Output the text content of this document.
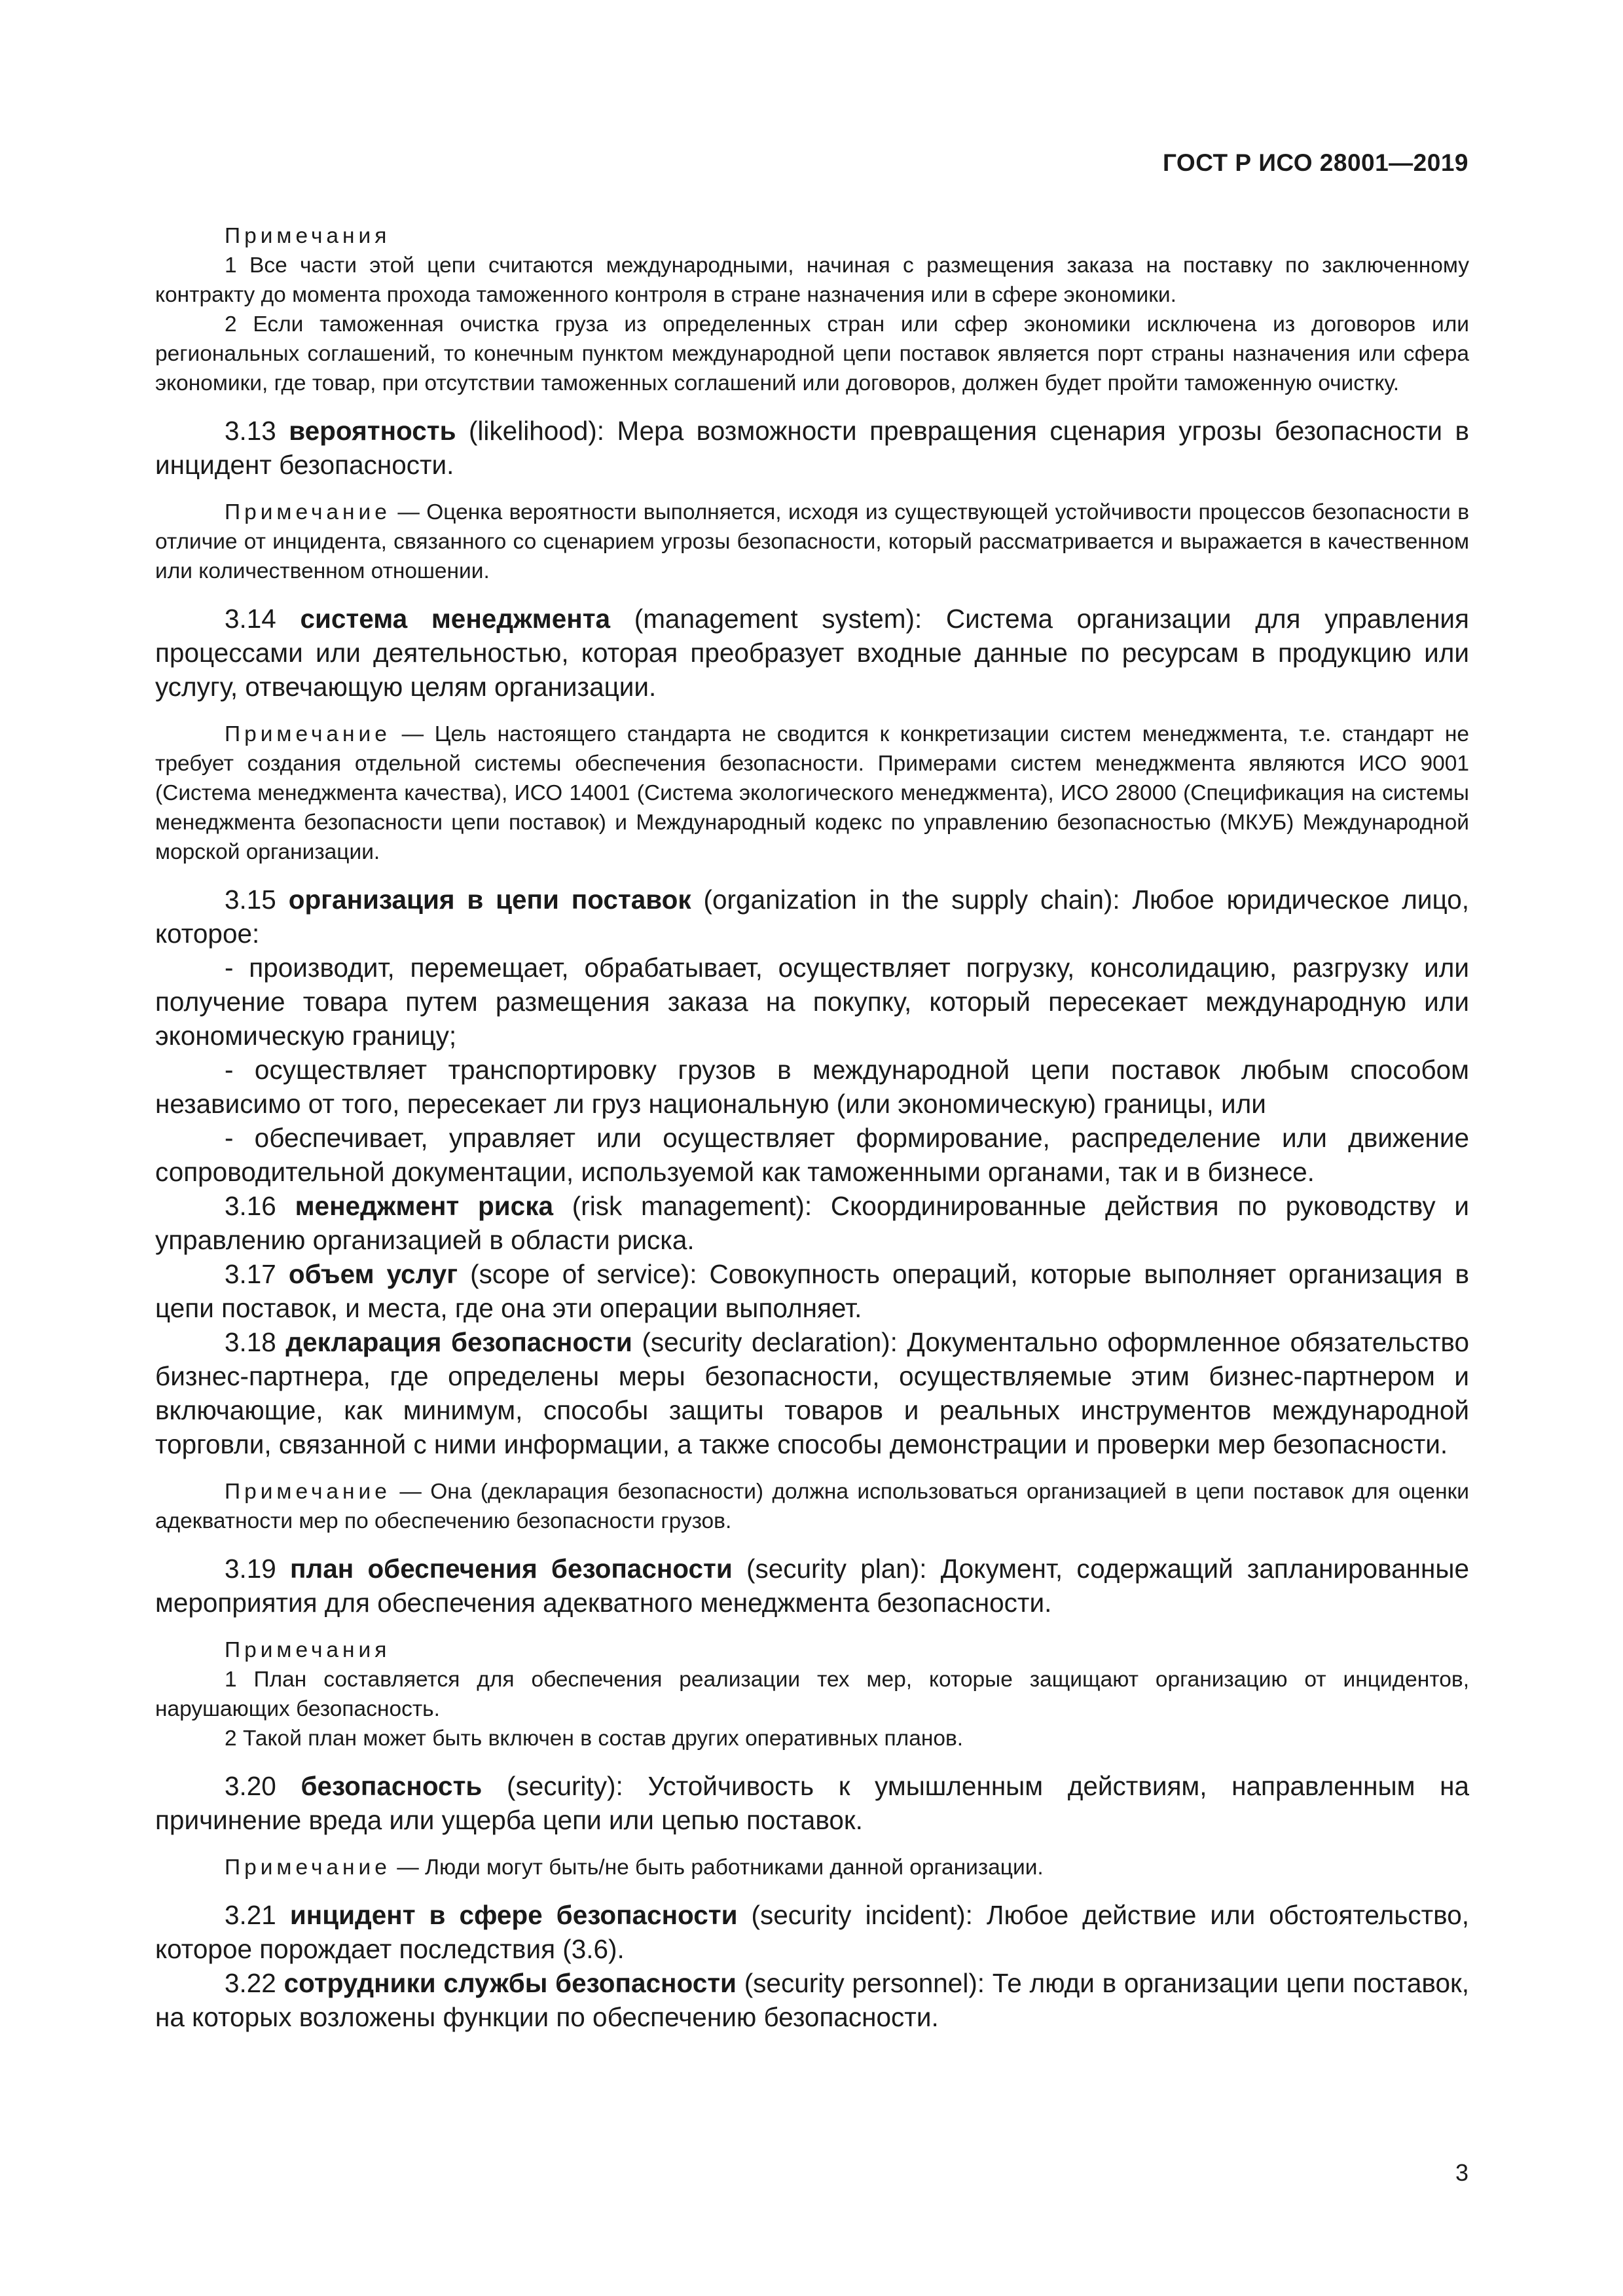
ГОСТ Р ИСО 28001—2019

Примечания

1 Все части этой цепи считаются международными, начиная с размещения заказа на поставку по заключенному контракту до момента прохода таможенного контроля в стране назначения или в сфере экономики.

2 Если таможенная очистка груза из определенных стран или сфер экономики исключена из договоров или региональных соглашений, то конечным пунктом международной цепи поставок является порт страны назначения или сфера экономики, где товар, при отсутствии таможенных соглашений или договоров, должен будет пройти таможенную очистку.

3.13 вероятность (likelihood): Мера возможности превращения сценария угрозы безопасности в инцидент безопасности.

Примечание — Оценка вероятности выполняется, исходя из существующей устойчивости процессов безопасности в отличие от инцидента, связанного со сценарием угрозы безопасности, который рассматривается и выражается в качественном или количественном отношении.

3.14 система менеджмента (management system): Система организации для управления процессами или деятельностью, которая преобразует входные данные по ресурсам в продукцию или услугу, отвечающую целям организации.

Примечание — Цель настоящего стандарта не сводится к конкретизации систем менеджмента, т.е. стандарт не требует создания отдельной системы обеспечения безопасности. Примерами систем менеджмента являются ИСО 9001 (Система менеджмента качества), ИСО 14001 (Система экологического менеджмента), ИСО 28000 (Спецификация на системы менеджмента безопасности цепи поставок) и Международный кодекс по управлению безопасностью (МКУБ) Международной морской организации.

3.15 организация в цепи поставок (organization in the supply chain): Любое юридическое лицо, которое:

- производит, перемещает, обрабатывает, осуществляет погрузку, консолидацию, разгрузку или получение товара путем размещения заказа на покупку, который пересекает международную или экономическую границу;

- осуществляет транспортировку грузов в международной цепи поставок любым способом независимо от того, пересекает ли груз национальную (или экономическую) границы, или

- обеспечивает, управляет или осуществляет формирование, распределение или движение сопроводительной документации, используемой как таможенными органами, так и в бизнесе.

3.16 менеджмент риска (risk management): Скоординированные действия по руководству и управлению организацией в области риска.

3.17 объем услуг (scope of service): Совокупность операций, которые выполняет организация в цепи поставок, и места, где она эти операции выполняет.

3.18 декларация безопасности (security declaration): Документально оформленное обязательство бизнес-партнера, где определены меры безопасности, осуществляемые этим бизнес-партнером и включающие, как минимум, способы защиты товаров и реальных инструментов международной торговли, связанной с ними информации, а также способы демонстрации и проверки мер безопасности.

Примечание — Она (декларация безопасности) должна использоваться организацией в цепи поставок для оценки адекватности мер по обеспечению безопасности грузов.

3.19 план обеспечения безопасности (security plan): Документ, содержащий запланированные мероприятия для обеспечения адекватного менеджмента безопасности.

Примечания

1 План составляется для обеспечения реализации тех мер, которые защищают организацию от инцидентов, нарушающих безопасность.

2 Такой план может быть включен в состав других оперативных планов.

3.20 безопасность (security): Устойчивость к умышленным действиям, направленным на причинение вреда или ущерба цепи или цепью поставок.

Примечание — Люди могут быть/не быть работниками данной организации.

3.21 инцидент в сфере безопасности (security incident): Любое действие или обстоятельство, которое порождает последствия (3.6).

3.22 сотрудники службы безопасности (security personnel): Те люди в организации цепи поставок, на которых возложены функции по обеспечению безопасности.

3
